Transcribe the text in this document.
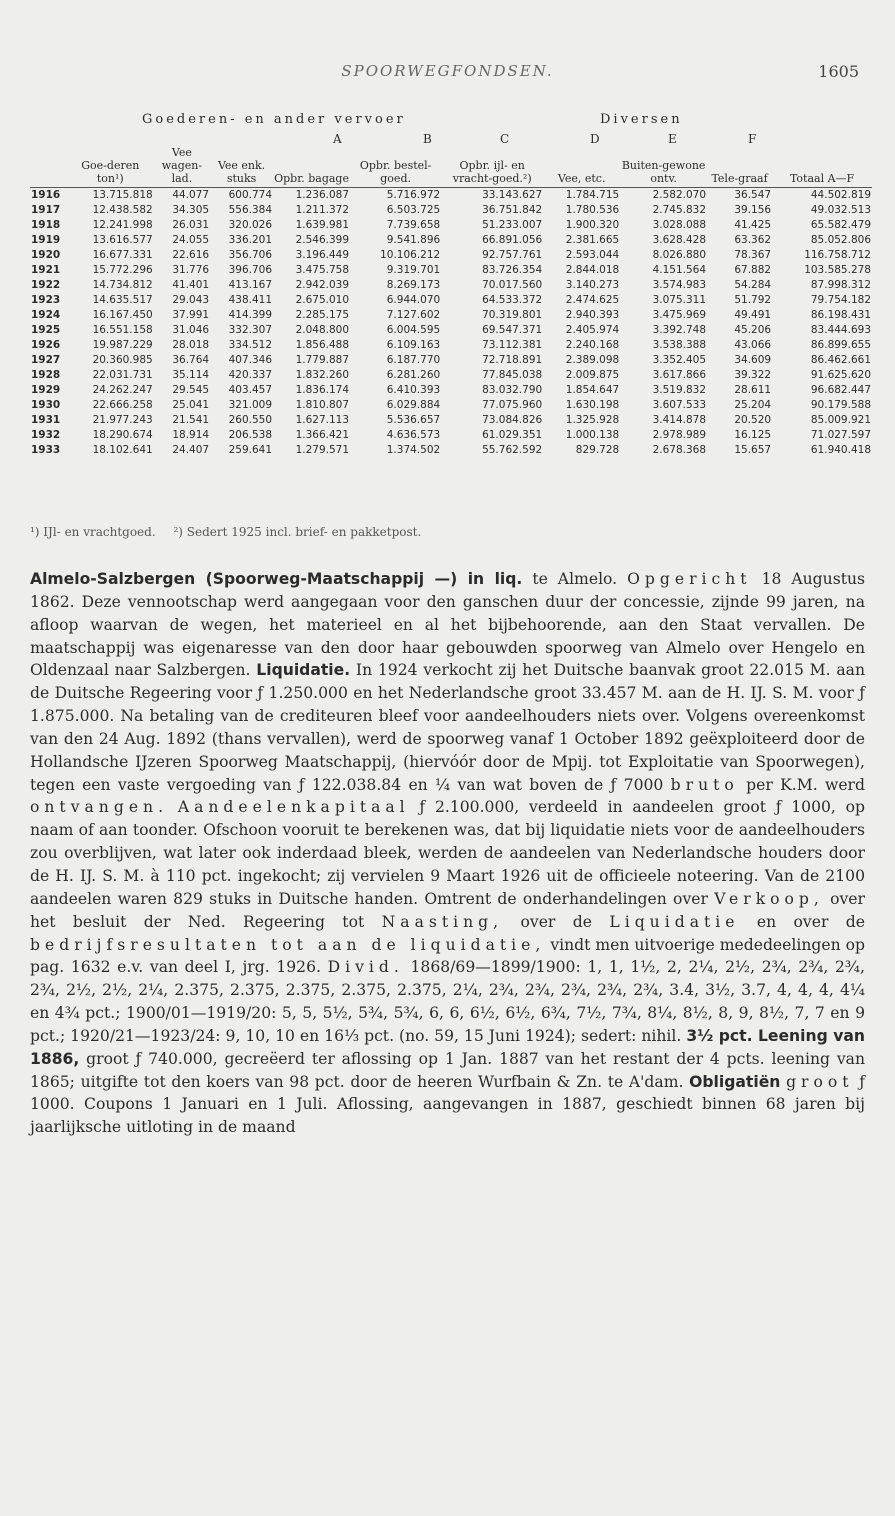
SPOORWEGFONDSEN.	1605
Goederen- en ander vervoer	Diversen
A	B	C	D	E	F
	Goe-deren ton¹)	Vee wagen-lad.	Vee enk. stuks	Opbr. bagage	Opbr. bestel-goed.	Opbr. ijl- en vracht-goed.²)	Vee, etc.	Buiten-gewone ontv.	Tele-graaf	Totaal A—F
1916	13.715.818	44.077	600.774	1.236.087	5.716.972	33.143.627	1.784.715	2.582.070	36.547	44.502.819
1917	12.438.582	34.305	556.384	1.211.372	6.503.725	36.751.842	1.780.536	2.745.832	39.156	49.032.513
1918	12.241.998	26.031	320.026	1.639.981	7.739.658	51.233.007	1.900.320	3.028.088	41.425	65.582.479
1919	13.616.577	24.055	336.201	2.546.399	9.541.896	66.891.056	2.381.665	3.628.428	63.362	85.052.806
1920	16.677.331	22.616	356.706	3.196.449	10.106.212	92.757.761	2.593.044	8.026.880	78.367	116.758.712
1921	15.772.296	31.776	396.706	3.475.758	9.319.701	83.726.354	2.844.018	4.151.564	67.882	103.585.278
1922	14.734.812	41.401	413.167	2.942.039	8.269.173	70.017.560	3.140.273	3.574.983	54.284	87.998.312
1923	14.635.517	29.043	438.411	2.675.010	6.944.070	64.533.372	2.474.625	3.075.311	51.792	79.754.182
1924	16.167.450	37.991	414.399	2.285.175	7.127.602	70.319.801	2.940.393	3.475.969	49.491	86.198.431
1925	16.551.158	31.046	332.307	2.048.800	6.004.595	69.547.371	2.405.974	3.392.748	45.206	83.444.693
1926	19.987.229	28.018	334.512	1.856.488	6.109.163	73.112.381	2.240.168	3.538.388	43.066	86.899.655
1927	20.360.985	36.764	407.346	1.779.887	6.187.770	72.718.891	2.389.098	3.352.405	34.609	86.462.661
1928	22.031.731	35.114	420.337	1.832.260	6.281.260	77.845.038	2.009.875	3.617.866	39.322	91.625.620
1929	24.262.247	29.545	403.457	1.836.174	6.410.393	83.032.790	1.854.647	3.519.832	28.611	96.682.447
1930	22.666.258	25.041	321.009	1.810.807	6.029.884	77.075.960	1.630.198	3.607.533	25.204	90.179.588
1931	21.977.243	21.541	260.550	1.627.113	5.536.657	73.084.826	1.325.928	3.414.878	20.520	85.009.921
1932	18.290.674	18.914	206.538	1.366.421	4.636.573	61.029.351	1.000.138	2.978.989	16.125	71.027.597
1933	18.102.641	24.407	259.641	1.279.571	1.374.502	55.762.592	829.728	2.678.368	15.657	61.940.418
¹) IJl- en vrachtgoed. ²) Sedert 1925 incl. brief- en pakketpost.
Almelo-Salzbergen (Spoorweg-Maatschappij —) in liq. te Almelo. Opgericht 18 Augustus 1862. Deze vennootschap werd aangegaan voor den ganschen duur der concessie, zijnde 99 jaren, na afloop waarvan de wegen, het materieel en al het bijbehoorende, aan den Staat vervallen. De maatschappij was eigenaresse van den door haar gebouwden spoorweg van Almelo over Hengelo en Oldenzaal naar Salzbergen. Liquidatie. In 1924 verkocht zij het Duitsche baanvak groot 22.015 M. aan de Duitsche Regeering voor ƒ 1.250.000 en het Nederlandsche groot 33.457 M. aan de H. IJ. S. M. voor ƒ 1.875.000. Na betaling van de crediteuren bleef voor aandeelhouders niets over. Volgens overeenkomst van den 24 Aug. 1892 (thans vervallen), werd de spoorweg vanaf 1 October 1892 geëxploiteerd door de Hollandsche IJzeren Spoorweg Maatschappij, (hiervóór door de Mpij. tot Exploitatie van Spoorwegen), tegen een vaste vergoeding van ƒ 122.038.84 en ¼ van wat boven de ƒ 7000 bruto per K.M. werd ontvangen. Aandeelenkapitaal ƒ 2.100.000, verdeeld in aandeelen groot ƒ 1000, op naam of aan toonder. Ofschoon vooruit te berekenen was, dat bij liquidatie niets voor de aandeelhouders zou overblijven, wat later ook inderdaad bleek, werden de aandeelen van Nederlandsche houders door de H. IJ. S. M. à 110 pct. ingekocht; zij vervielen 9 Maart 1926 uit de officieele noteering. Van de 2100 aandeelen waren 829 stuks in Duitsche handen. Omtrent de onderhandelingen over Verkoop, over het besluit der Ned. Regeering tot Naasting, over de Liquidatie en over de bedrijfsresultaten tot aan de liquidatie, vindt men uitvoerige mededeelingen op pag. 1632 e.v. van deel I, jrg. 1926. Divid. 1868/69—1899/1900: 1, 1, 1½, 2, 2¼, 2½, 2¾, 2¾, 2¾, 2¾, 2½, 2½, 2¼, 2.375, 2.375, 2.375, 2.375, 2.375, 2¼, 2¾, 2¾, 2¾, 2¾, 2¾, 3.4, 3½, 3.7, 4, 4, 4, 4¼ en 4¾ pct.; 1900/01—1919/20: 5, 5, 5½, 5¾, 5¾, 6, 6, 6½, 6½, 6¾, 7½, 7¾, 8¼, 8½, 8, 9, 8½, 7, 7 en 9 pct.; 1920/21—1923/24: 9, 10, 10 en 16⅓ pct. (no. 59, 15 Juni 1924); sedert: nihil. 3½ pct. Leening van 1886, groot ƒ 740.000, gecreëerd ter aflossing op 1 Jan. 1887 van het restant der 4 pcts. leening van 1865; uitgifte tot den koers van 98 pct. door de heeren Wurfbain & Zn. te A'dam. Obligatiën groot ƒ 1000. Coupons 1 Januari en 1 Juli. Aflossing, aangevangen in 1887, geschiedt binnen 68 jaren bij jaarlijksche uitloting in de maand
